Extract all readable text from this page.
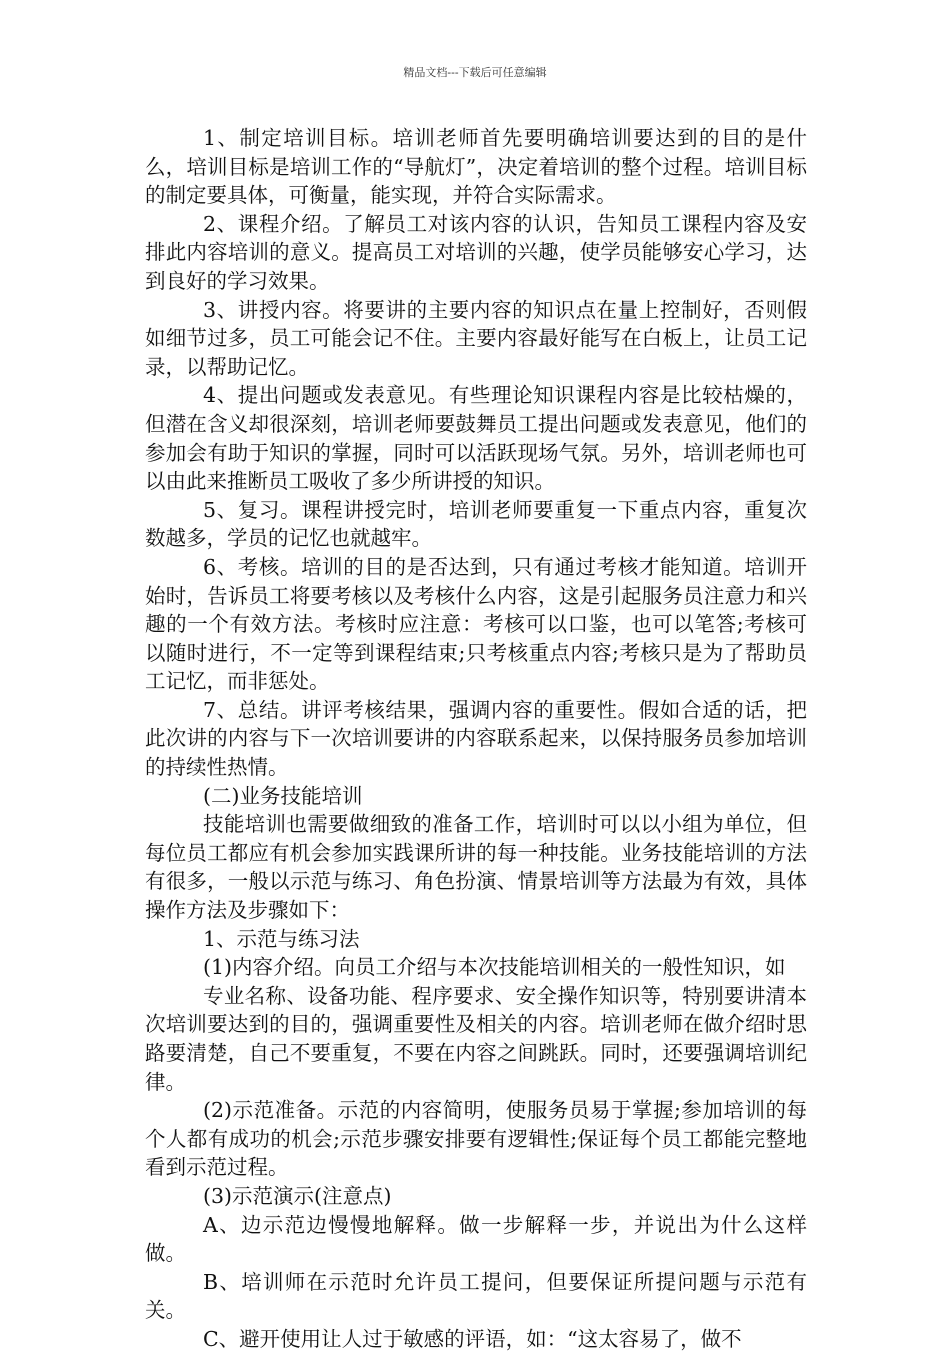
精品文档---下载后可任意编辑

1、制定培训目标。培训老师首先要明确培训要达到的目的是什么，培训目标是培训工作的“导航灯”，决定着培训的整个过程。培训目标的制定要具体，可衡量，能实现，并符合实际需求。

2、课程介绍。了解员工对该内容的认识，告知员工课程内容及安排此内容培训的意义。提高员工对培训的兴趣，使学员能够安心学习，达到良好的学习效果。

3、讲授内容。将要讲的主要内容的知识点在量上控制好，否则假如细节过多，员工可能会记不住。主要内容最好能写在白板上，让员工记录，以帮助记忆。

4、提出问题或发表意见。有些理论知识课程内容是比较枯燥的，但潜在含义却很深刻，培训老师要鼓舞员工提出问题或发表意见，他们的参加会有助于知识的掌握，同时可以活跃现场气氛。另外，培训老师也可以由此来推断员工吸收了多少所讲授的知识。

5、复习。课程讲授完时，培训老师要重复一下重点内容，重复次数越多，学员的记忆也就越牢。

6、考核。培训的目的是否达到，只有通过考核才能知道。培训开始时，告诉员工将要考核以及考核什么内容，这是引起服务员注意力和兴趣的一个有效方法。考核时应注意：考核可以口鉴，也可以笔答;考核可以随时进行，不一定等到课程结束;只考核重点内容;考核只是为了帮助员工记忆，而非惩处。

7、总结。讲评考核结果，强调内容的重要性。假如合适的话，把此次讲的内容与下一次培训要讲的内容联系起来，以保持服务员参加培训的持续性热情。

(二)业务技能培训

技能培训也需要做细致的准备工作，培训时可以以小组为单位，但每位员工都应有机会参加实践课所讲的每一种技能。业务技能培训的方法有很多，一般以示范与练习、角色扮演、情景培训等方法最为有效，具体操作方法及步骤如下：

1、示范与练习法

(1)内容介绍。向员工介绍与本次技能培训相关的一般性知识，如

专业名称、设备功能、程序要求、安全操作知识等，特别要讲清本次培训要达到的目的，强调重要性及相关的内容。培训老师在做介绍时思路要清楚，自己不要重复，不要在内容之间跳跃。同时，还要强调培训纪律。

(2)示范准备。示范的内容简明，使服务员易于掌握;参加培训的每个人都有成功的机会;示范步骤安排要有逻辑性;保证每个员工都能完整地看到示范过程。

(3)示范演示(注意点)

A、边示范边慢慢地解释。做一步解释一步，并说出为什么这样做。

B、培训师在示范时允许员工提问，但要保证所提问题与示范有关。

C、避开使用让人过于敏感的评语，如：“这太容易了，做不
